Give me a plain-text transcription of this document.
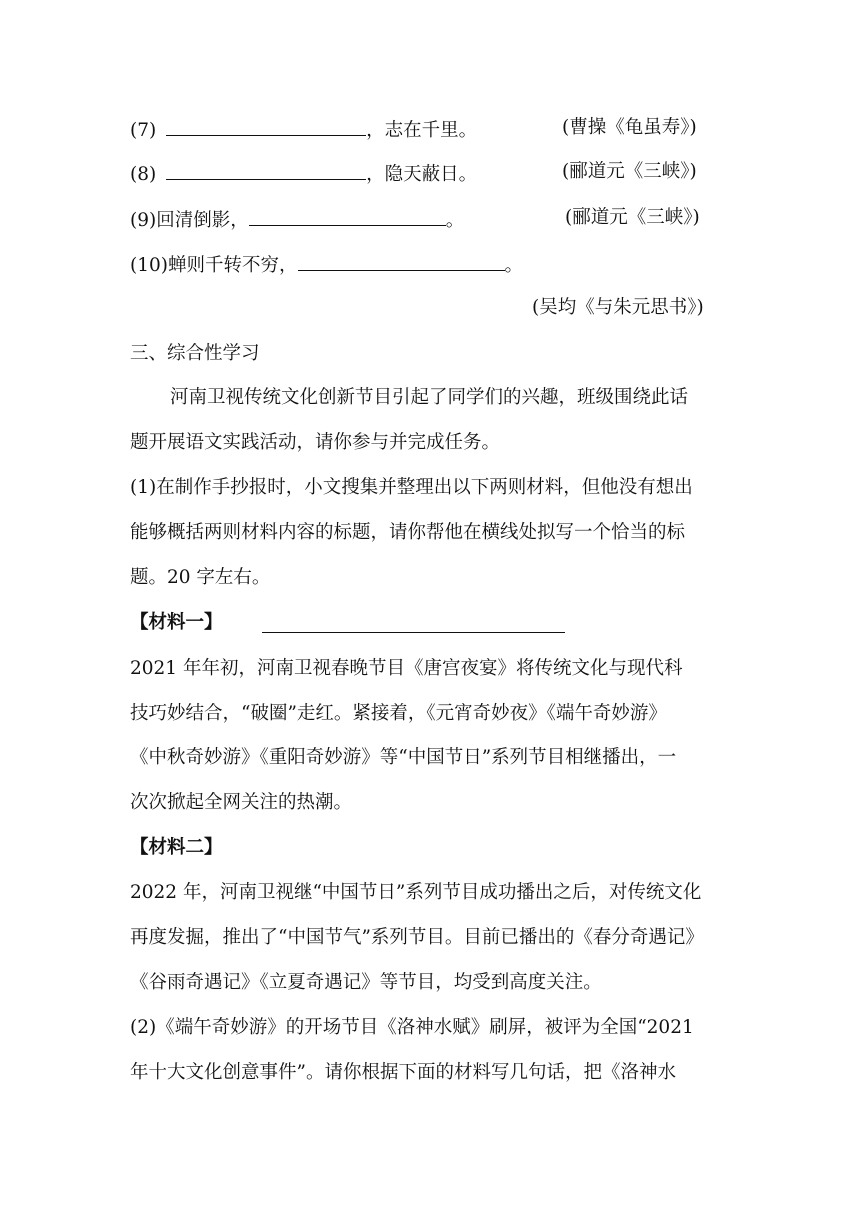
(7)	，志在千里。	(曹操《龟虽寿》)
(8)	，隐天蔽日。	(郦道元《三峡》)
(9)回清倒影，	。	(郦道元《三峡》)
(10)蝉则千转不穷，	。
(吴均《与朱元思书》)
三、综合性学习
河南卫视传统文化创新节目引起了同学们的兴趣，班级围绕此话
题开展语文实践活动，请你参与并完成任务。
(1)在制作手抄报时，小文搜集并整理出以下两则材料，但他没有想出
能够概括两则材料内容的标题，请你帮他在横线处拟写一个恰当的标
题。20 字左右。
【材料一】
2021 年年初，河南卫视春晚节目《唐宫夜宴》将传统文化与现代科
技巧妙结合，“破圈”走红。紧接着，《元宵奇妙夜》《端午奇妙游》
《中秋奇妙游》《重阳奇妙游》等“中国节日”系列节目相继播出，一
次次掀起全网关注的热潮。
【材料二】
2022 年，河南卫视继“中国节日”系列节目成功播出之后，对传统文化
再度发掘，推出了“中国节气”系列节目。目前已播出的《春分奇遇记》
《谷雨奇遇记》《立夏奇遇记》等节目，均受到高度关注。
(2)《端午奇妙游》的开场节目《洛神水赋》刷屏，被评为全国“2021
年十大文化创意事件”。请你根据下面的材料写几句话，把《洛神水
